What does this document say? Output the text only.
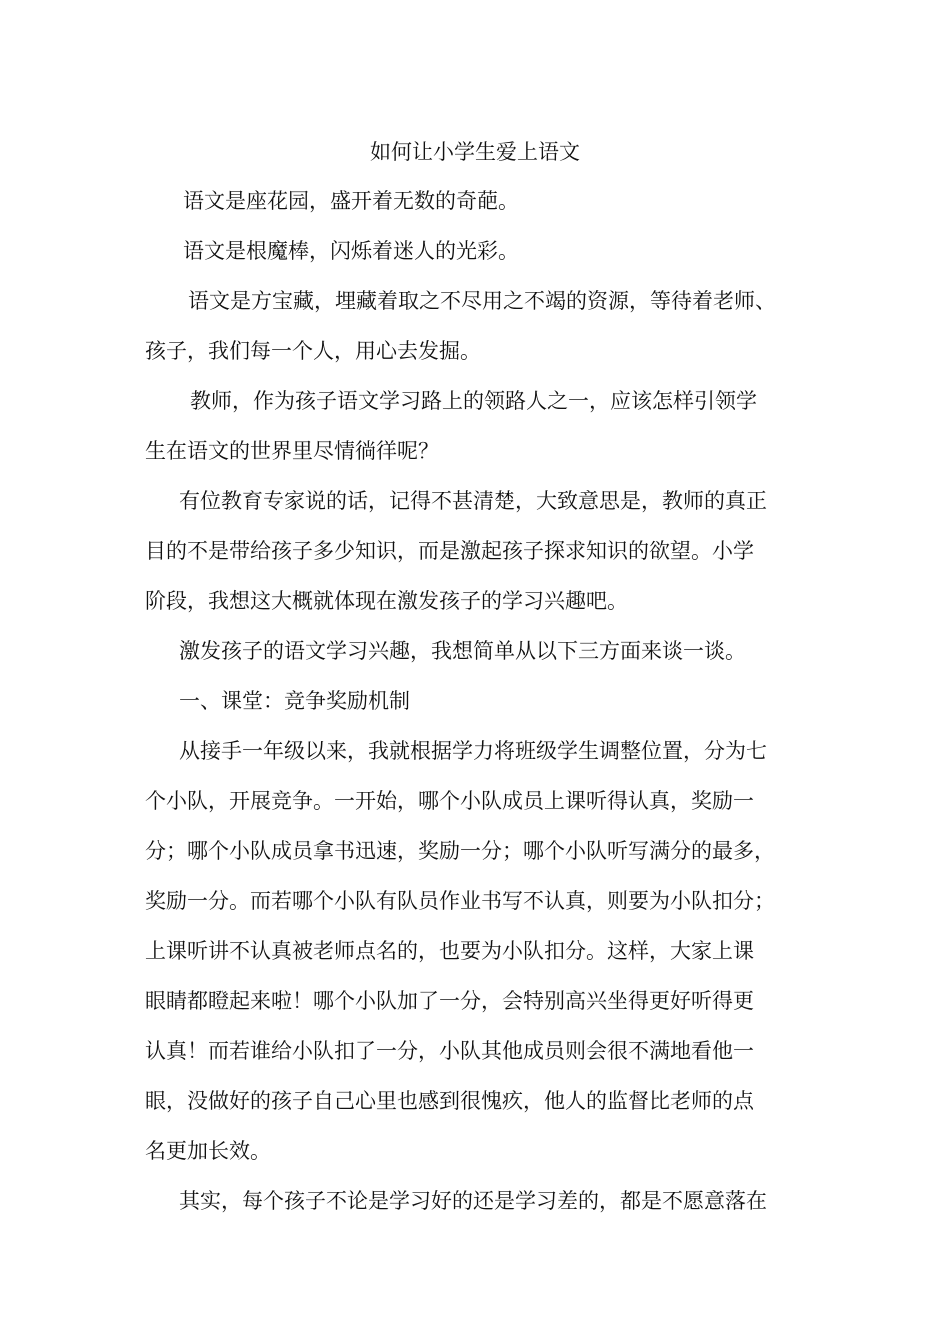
如何让小学生爱上语文
语文是座花园，盛开着无数的奇葩。
语文是根魔棒，闪烁着迷人的光彩。
语文是方宝藏，埋藏着取之不尽用之不竭的资源，等待着老师、
孩子，我们每一个人，用心去发掘。
教师，作为孩子语文学习路上的领路人之一，应该怎样引领学
生在语文的世界里尽情徜徉呢？
有位教育专家说的话，记得不甚清楚，大致意思是，教师的真正
目的不是带给孩子多少知识，而是激起孩子探求知识的欲望。小学
阶段，我想这大概就体现在激发孩子的学习兴趣吧。
激发孩子的语文学习兴趣，我想简单从以下三方面来谈一谈。
一、课堂：竞争奖励机制
从接手一年级以来，我就根据学力将班级学生调整位置，分为七
个小队，开展竞争。一开始，哪个小队成员上课听得认真，奖励一
分；哪个小队成员拿书迅速，奖励一分；哪个小队听写满分的最多，
奖励一分。而若哪个小队有队员作业书写不认真，则要为小队扣分；
上课听讲不认真被老师点名的，也要为小队扣分。这样，大家上课
眼睛都瞪起来啦！哪个小队加了一分，会特别高兴坐得更好听得更
认真！而若谁给小队扣了一分，小队其他成员则会很不满地看他一
眼，没做好的孩子自己心里也感到很愧疚，他人的监督比老师的点
名更加长效。
其实，每个孩子不论是学习好的还是学习差的，都是不愿意落在
